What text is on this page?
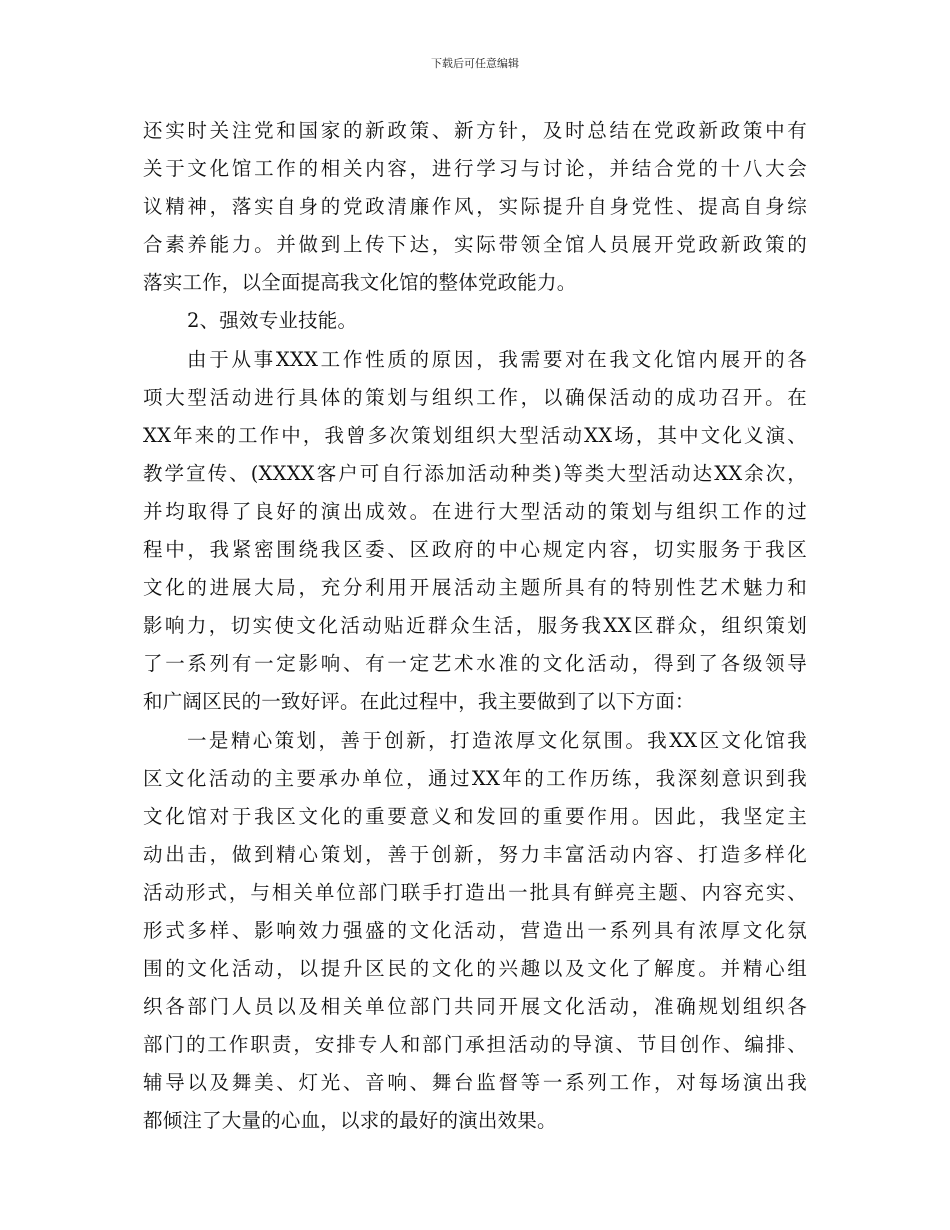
下载后可任意编辑
还实时关注党和国家的新政策、新方针，及时总结在党政新政策中有
关于文化馆工作的相关内容，进行学习与讨论，并结合党的十八大会
议精神，落实自身的党政清廉作风，实际提升自身党性、提高自身综
合素养能力。并做到上传下达，实际带领全馆人员展开党政新政策的
落实工作，以全面提高我文化馆的整体党政能力。
2、强效专业技能。
由于从事XXX工作性质的原因，我需要对在我文化馆内展开的各
项大型活动进行具体的策划与组织工作，以确保活动的成功召开。在
XX年来的工作中，我曾多次策划组织大型活动XX场，其中文化义演、
教学宣传、(XXXX客户可自行添加活动种类)等类大型活动达XX余次，
并均取得了良好的演出成效。在进行大型活动的策划与组织工作的过
程中，我紧密围绕我区委、区政府的中心规定内容，切实服务于我区
文化的进展大局，充分利用开展活动主题所具有的特别性艺术魅力和
影响力，切实使文化活动贴近群众生活，服务我XX区群众，组织策划
了一系列有一定影响、有一定艺术水准的文化活动，得到了各级领导
和广阔区民的一致好评。在此过程中，我主要做到了以下方面：
一是精心策划，善于创新，打造浓厚文化氛围。我XX区文化馆我
区文化活动的主要承办单位，通过XX年的工作历练，我深刻意识到我
文化馆对于我区文化的重要意义和发回的重要作用。因此，我坚定主
动出击，做到精心策划，善于创新，努力丰富活动内容、打造多样化
活动形式，与相关单位部门联手打造出一批具有鲜亮主题、内容充实、
形式多样、影响效力强盛的文化活动，营造出一系列具有浓厚文化氛
围的文化活动，以提升区民的文化的兴趣以及文化了解度。并精心组
织各部门人员以及相关单位部门共同开展文化活动，准确规划组织各
部门的工作职责，安排专人和部门承担活动的导演、节目创作、编排、
辅导以及舞美、灯光、音响、舞台监督等一系列工作，对每场演出我
都倾注了大量的心血，以求的最好的演出效果。
